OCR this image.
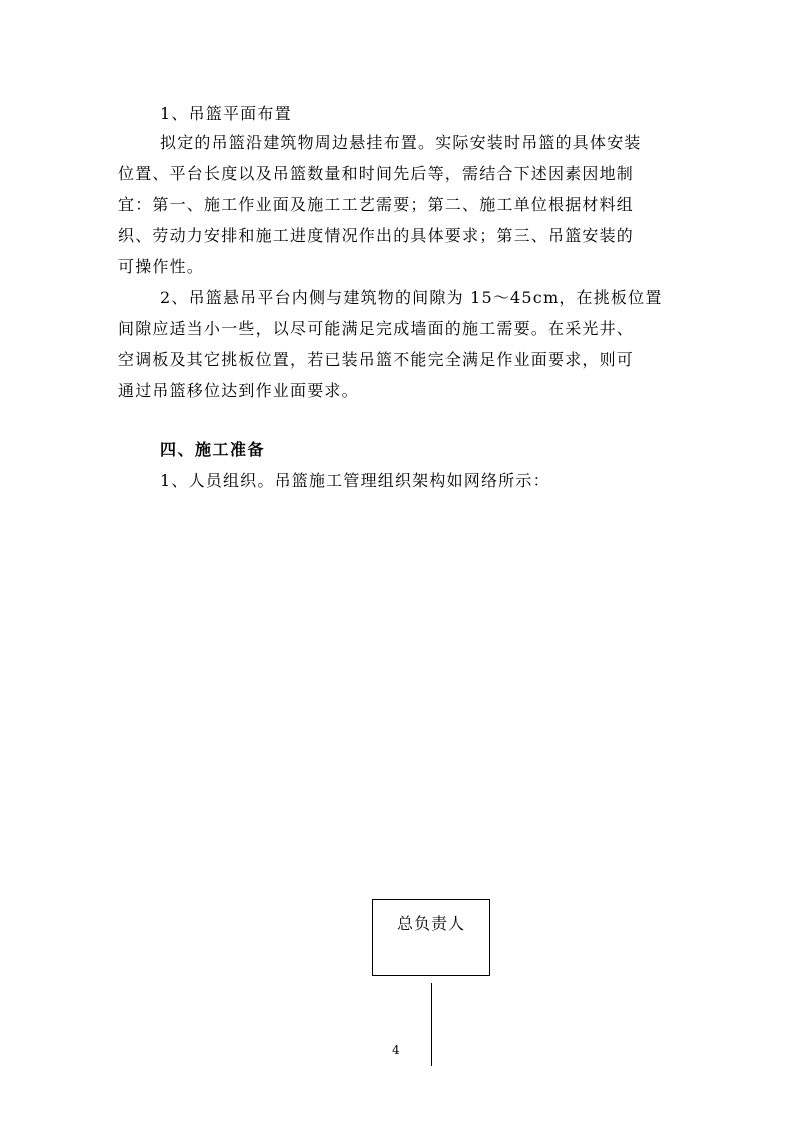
1、吊篮平面布置
拟定的吊篮沿建筑物周边悬挂布置。实际安装时吊篮的具体安装
位置、平台长度以及吊篮数量和时间先后等，需结合下述因素因地制
宜：第一、施工作业面及施工工艺需要；第二、施工单位根据材料组
织、劳动力安排和施工进度情况作出的具体要求；第三、吊篮安装的
可操作性。
2、吊篮悬吊平台内侧与建筑物的间隙为 15～45cm，在挑板位置
间隙应适当小一些，以尽可能满足完成墙面的施工需要。在采光井、
空调板及其它挑板位置，若已装吊篮不能完全满足作业面要求，则可
通过吊篮移位达到作业面要求。
四、施工准备
1、人员组织。吊篮施工管理组织架构如网络所示：
总负责人
4
